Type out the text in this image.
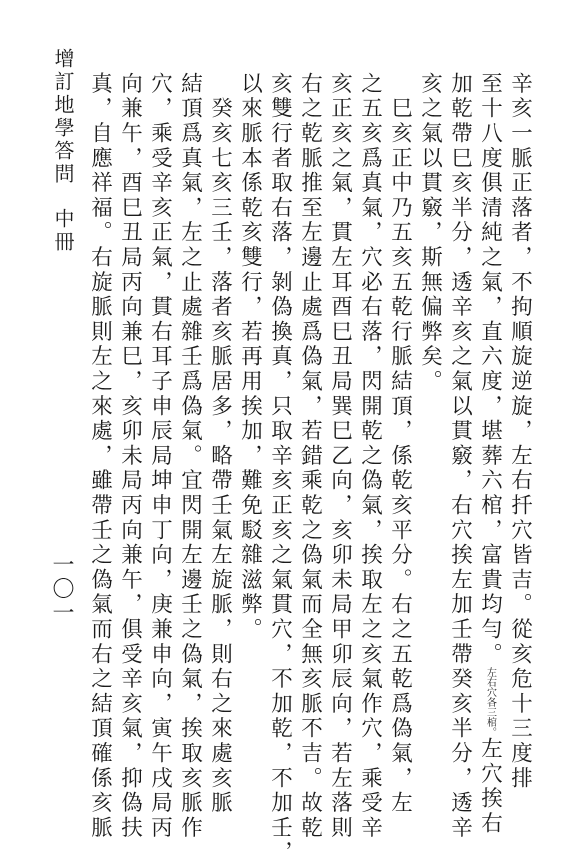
增訂地學答問中冊
一〇一	辛亥一脈正落者，不拘順旋逆旋，左右扦穴皆吉。從亥危十三度排
至十八度俱清純之氣，直六度，堪葬六棺，富貴均勻。左右穴各三棺。左穴挨右
加乾帶巳亥半分，透辛亥之氣以貫竅，右穴挨左加壬帶癸亥半分，透辛
亥之氣以貫竅，斯無偏弊矣。
　巳亥正中乃五亥五乾行脈結頂，係乾亥平分。右之五乾爲偽氣，左
之五亥爲真氣，穴必右落，閃開乾之偽氣，挨取左之亥氣作穴，乘受辛
亥正亥之氣，貫左耳酉巳丑局巽巳乙向，亥卯未局甲卯辰向，若左落則
右之乾脈推至左邊止處爲偽氣，若錯乘乾之偽氣而全無亥脈不吉。故乾
亥雙行者取右落，剝偽換真，只取辛亥正亥之氣貫穴，不加乾，不加壬，
以來脈本係乾亥雙行，若再用挨加，難免駁雜滋弊。
　癸亥七亥三壬，落者亥脈居多，略帶壬氣左旋脈，則右之來處亥脈
結頂爲真氣，左之止處雜壬爲偽氣。宜閃開左邊壬之偽氣，挨取亥脈作
穴，乘受辛亥正氣，貫右耳子申辰局坤申丁向，庚兼申向，寅午戌局丙
向兼午，酉巳丑局丙向兼巳，亥卯未局丙向兼午，俱受辛亥氣，抑偽扶
真，自應祥福。右旋脈則左之來處，雖帶壬之偽氣而右之結頂確係亥脈
